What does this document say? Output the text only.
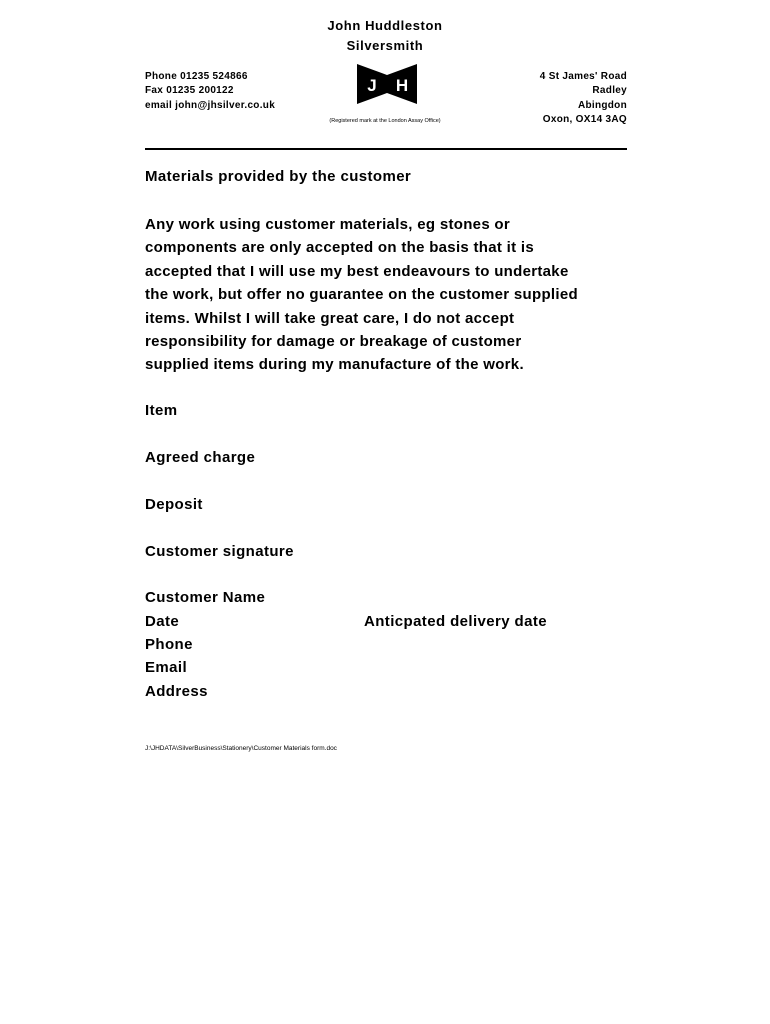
John Huddleston
Silversmith
Phone 01235 524866
Fax 01235 200122
email john@jhsilver.co.uk
J H
(Registered mark at the London Assay Office)
4 St James' Road
Radley
Abingdon
Oxon, OX14 3AQ
Materials provided by the customer
Any work using customer materials, eg stones or
components are only accepted on the basis that it is
accepted that I will use my best endeavours to undertake
the work, but offer no guarantee on the customer supplied
items. Whilst I will take great care, I do not accept
responsibility for damage or breakage of customer
supplied items during my manufacture of the work.
Item
Agreed charge
Deposit
Customer signature
Customer Name
Date	Anticpated delivery date
Phone
Email
Address
J:\JHDATA\SilverBusiness\Stationery\Customer Materials form.doc
